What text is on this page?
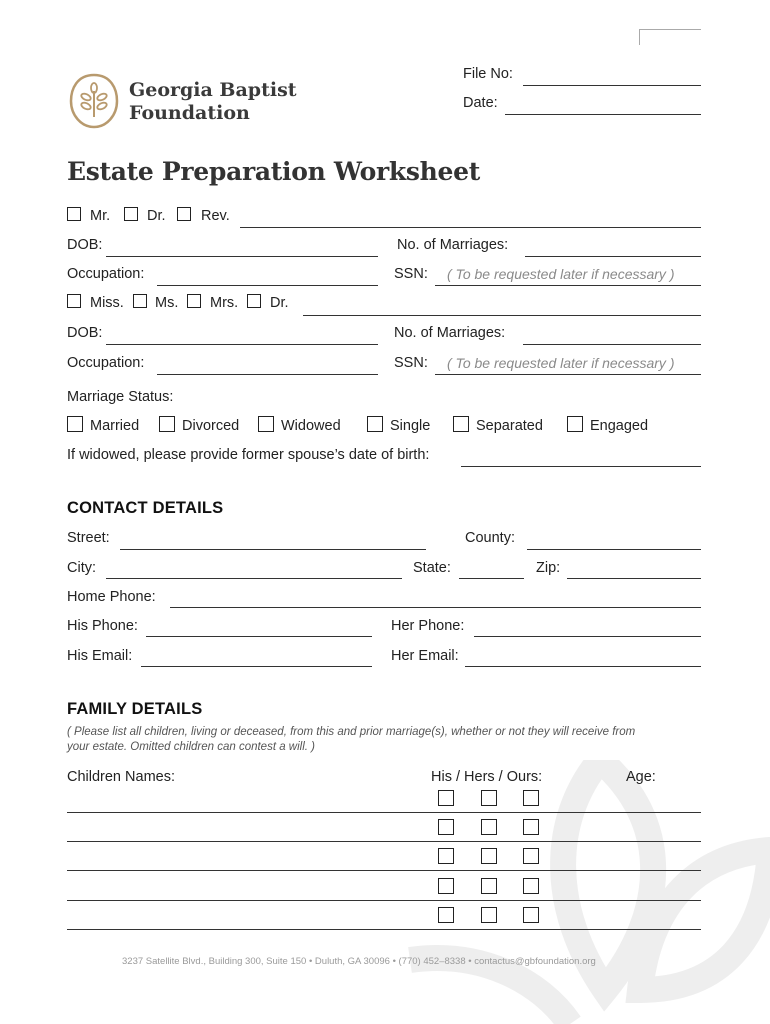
Georgia Baptist
Foundation
File No:
Date:
Estate Preparation Worksheet
Mr.	Dr. Rev.
DOB:	No. of Marriages:
Occupation:	SSN: ( To be requested later if necessary )
Miss. Ms. Mrs. Dr.
DOB:	No. of Marriages:
Occupation:	SSN: ( To be requested later if necessary )
Marriage Status:
Married	Divorced	Widowed	Single	Separated	Engaged
If widowed, please provide former spouse’s date of birth:
CONTACT DETAILS
Street:	County:
City:	State:	Zip:
Home Phone:
His Phone:	Her Phone:
His Email:	Her Email:
FAMILY DETAILS
( Please list all children, living or deceased, from this and prior marriage(s), whether or not they will receive from
your estate. Omitted children can contest a will. )
Children Names:	His / Hers / Ours:	Age:
3237 Satellite Blvd., Building 300, Suite 150 • Duluth, GA 30096 • (770) 452–8338 • contactus@gbfoundation.org
